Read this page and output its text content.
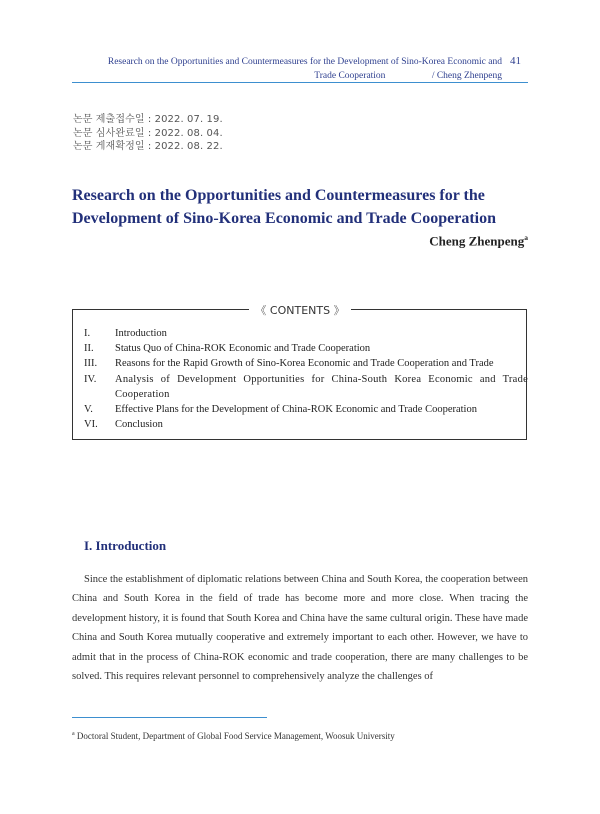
Research on the Opportunities and Countermeasures for the Development of Sino-Korea Economic and
Trade Cooperation	/ Cheng Zhenpeng
41
논문 제출접수일 : 2022. 07. 19.
논문 심사완료일 : 2022. 08. 04.
논문 게재확정일 : 2022. 08. 22.
Research on the Opportunities and Countermeasures for the Development of Sino-Korea Economic and Trade Cooperation
Cheng Zhenpeng$^a$
《 CONTENTS 》
I. Introduction
II. Status Quo of China-ROK Economic and Trade Cooperation
III. Reasons for the Rapid Growth of Sino-Korea Economic and Trade Cooperation and Trade
IV. Analysis of Development Opportunities for China-South Korea Economic and Trade Cooperation
V. Effective Plans for the Development of China-ROK Economic and Trade Cooperation
VI. Conclusion
I. Introduction

Since the establishment of diplomatic relations between China and South Korea, the cooperation between China and South Korea in the field of trade has become more and more close. When tracing the development history, it is found that South Korea and China have the same cultural origin. These have made China and South Korea mutually cooperative and extremely important to each other. However, we have to admit that in the process of China-ROK economic and trade cooperation, there are many challenges to be solved. This requires relevant personnel to comprehensively analyze the challenges of

$^a$ Doctoral Student, Department of Global Food Service Management, Woosuk University
